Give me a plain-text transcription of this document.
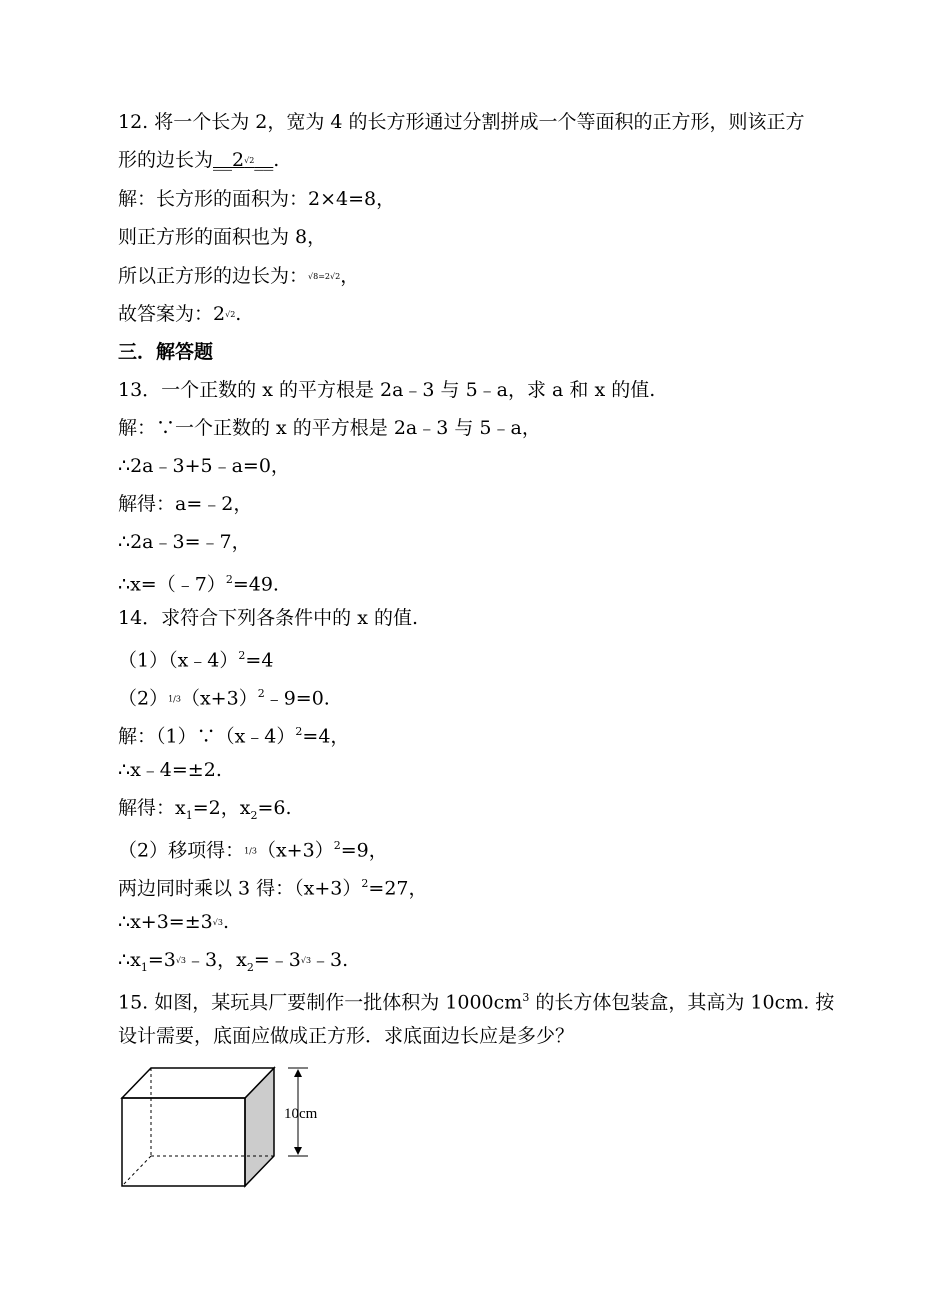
12. 将一个长为 2，宽为 4 的长方形通过分割拼成一个等面积的正方形，则该正方
形的边长为__2√2__.
解：长方形的面积为：2×4=8，
则正方形的面积也为 8，
所以正方形的边长为：√8=2√2，
故答案为：2√2.
三．解答题
13．一个正数的 x 的平方根是 2a﹣3 与 5﹣a，求 a 和 x 的值.
解：∵一个正数的 x 的平方根是 2a﹣3 与 5﹣a，
∴2a﹣3+5﹣a=0，
解得：a=﹣2，
∴2a﹣3=﹣7，
∴x=（﹣7）$^2$=49.
14．求符合下列各条件中的 x 的值.
（1）（x﹣4）$^2$=4
$(2)1/3(x+3)^2﹣9=0$.
解：（1）∵（x﹣4）$^2$=4，
∴x﹣4=±2.
解得：$x_1=2$，$x_2=6$.
（2）移项得：$1/3(x+3)^2=9$，
两边同时乘以 3 得：$(x+3)^2=27$，
∴x+3=±3√3.
$\therefore x_1=3√3﹣3$，$x_2=﹣3√3﹣3$.
15. 如图，某玩具厂要制作一批体积为 $1000cm^3$ 的长方体包装盒，其高为 10cm. 按
设计需要，底面应做成正方形．求底面边长应是多少？
10cm
